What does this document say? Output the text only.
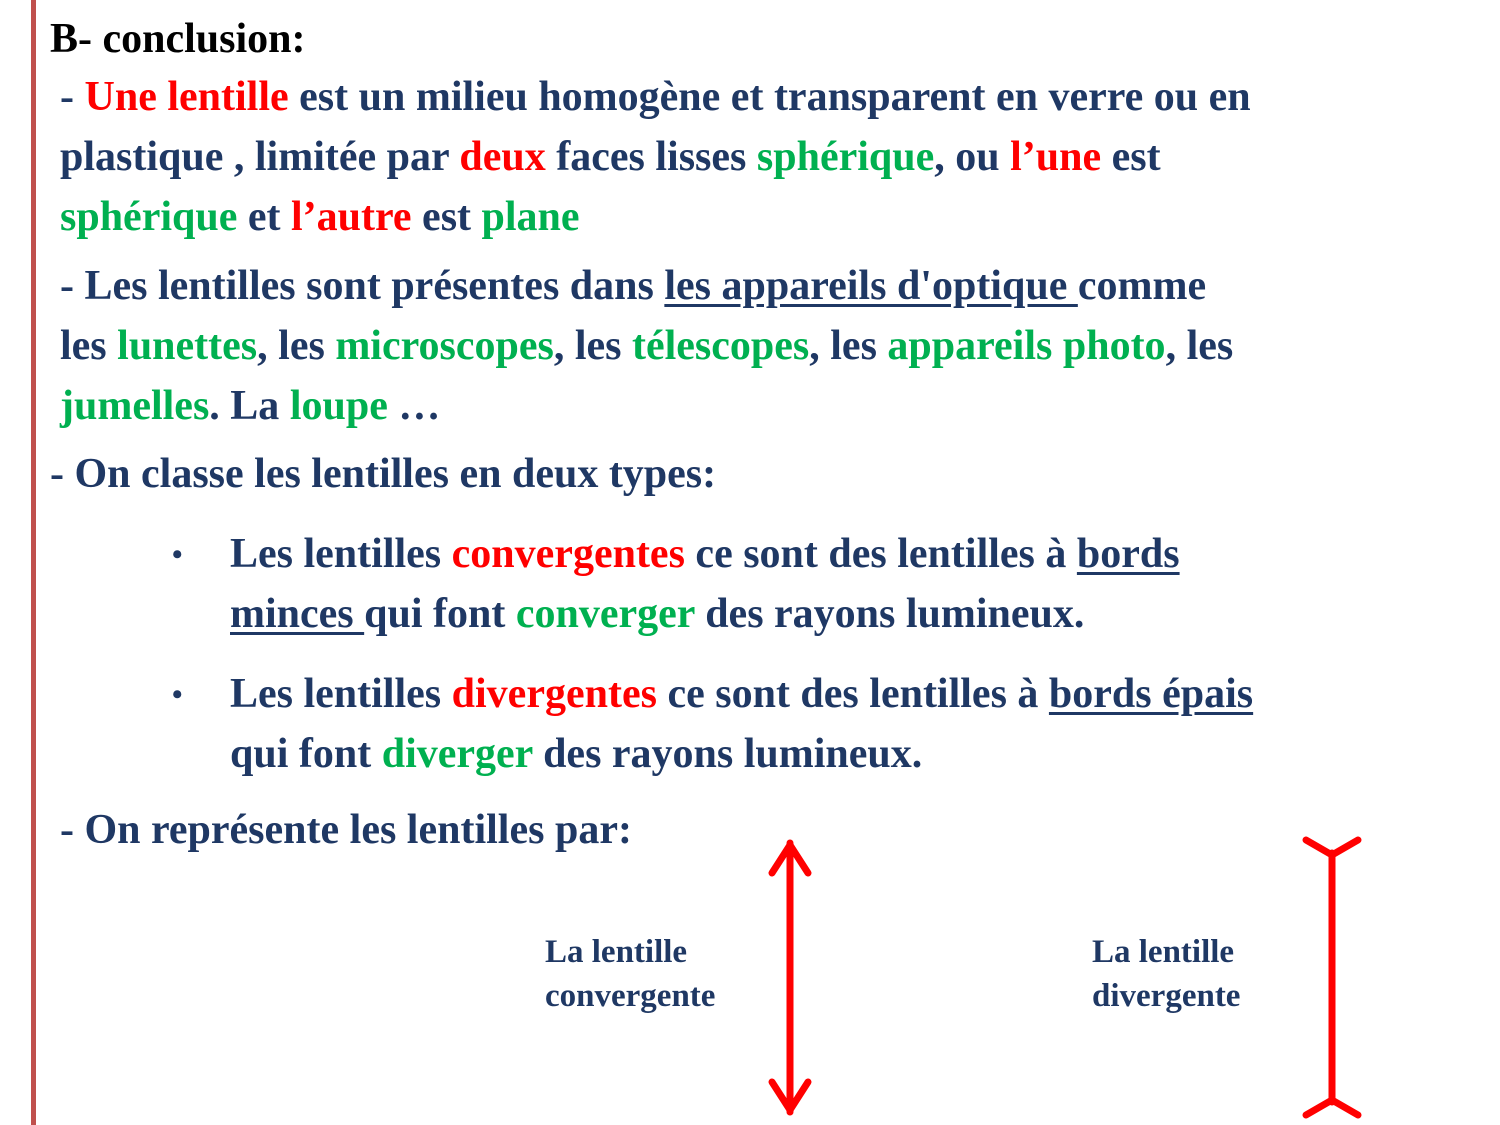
B- conclusion:
- Une lentille est un milieu homogène et transparent en verre ou en
plastique , limitée par deux faces lisses sphérique, ou l’une est
sphérique et l’autre est plane
- Les lentilles sont présentes dans les appareils d'optique comme
les lunettes, les microscopes, les télescopes, les appareils photo, les
jumelles. La loupe …
- On classe les lentilles en deux types:
• Les lentilles convergentes ce sont des lentilles à bords
minces qui font converger des rayons lumineux.
• Les lentilles divergentes ce sont des lentilles à bords épais
qui font diverger des rayons lumineux.
- On représente les lentilles par:
La lentille
convergente
La lentille
divergente
